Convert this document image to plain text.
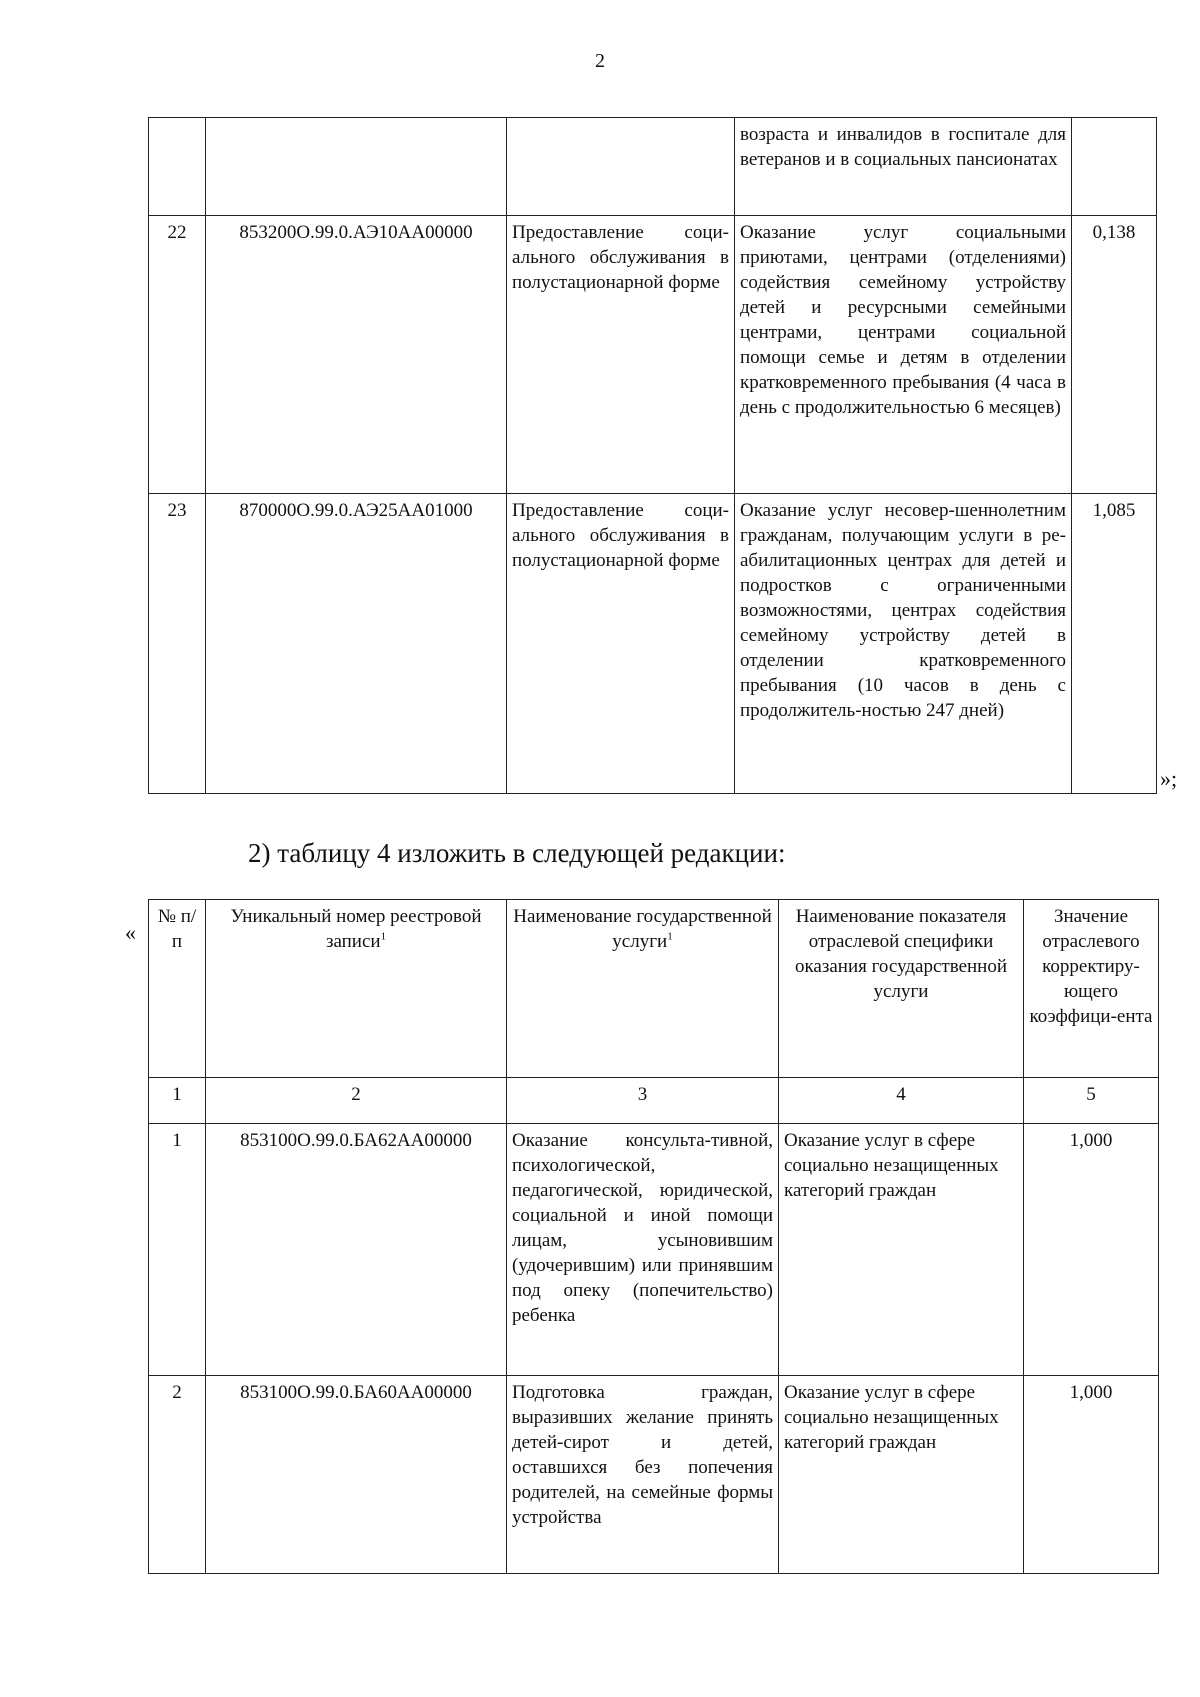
2
			возраста и инвалидов в госпитале для ветеранов и в социальных пансионатах	
22	853200О.99.0.АЭ10АА00000	Предоставление соци-ального обслуживания в полустационарной форме	Оказание услуг социальными приютами, центрами (отделениями) содействия семейному устройству детей и ресурсными семейными центрами, центрами социальной помощи семье и детям в отделении кратковременного пребывания (4 часа в день с продолжительностью 6 месяцев)	0,138
23	870000О.99.0.АЭ25АА01000	Предоставление соци-ального обслуживания в полустационарной форме	Оказание услуг несовер-шеннолетним гражданам, получающим услуги в ре-абилитационных центрах для детей и подростков с ограниченными возможностями, центрах содействия семейному устройству детей в отделении кратковременного пребывания (10 часов в день с продолжитель-ностью 247 дней)	1,085
»;
2) таблицу 4 изложить в следующей редакции:
«
№ п/п	Уникальный номер реестровой записи$^1$	Наименование государственной услуги$^1$	Наименование показателя отраслевой специфики оказания государственной услуги	Значение отраслевого корректиру-ющего коэффици-ента
1	2	3	4	5
1	853100О.99.0.БА62АА00000	Оказание консульта-тивной, психологической, педагогической, юридической, социальной и иной помощи лицам, усыновившим (удочерившим) или принявшим под опеку (попечительство) ребенка	Оказание услуг в сфере социально незащищенных категорий граждан	1,000
2	853100О.99.0.БА60АА00000	Подготовка граждан, выразивших желание принять детей-сирот и детей, оставшихся без попечения родителей, на семейные формы устройства	Оказание услуг в сфере социально незащищенных категорий граждан	1,000
